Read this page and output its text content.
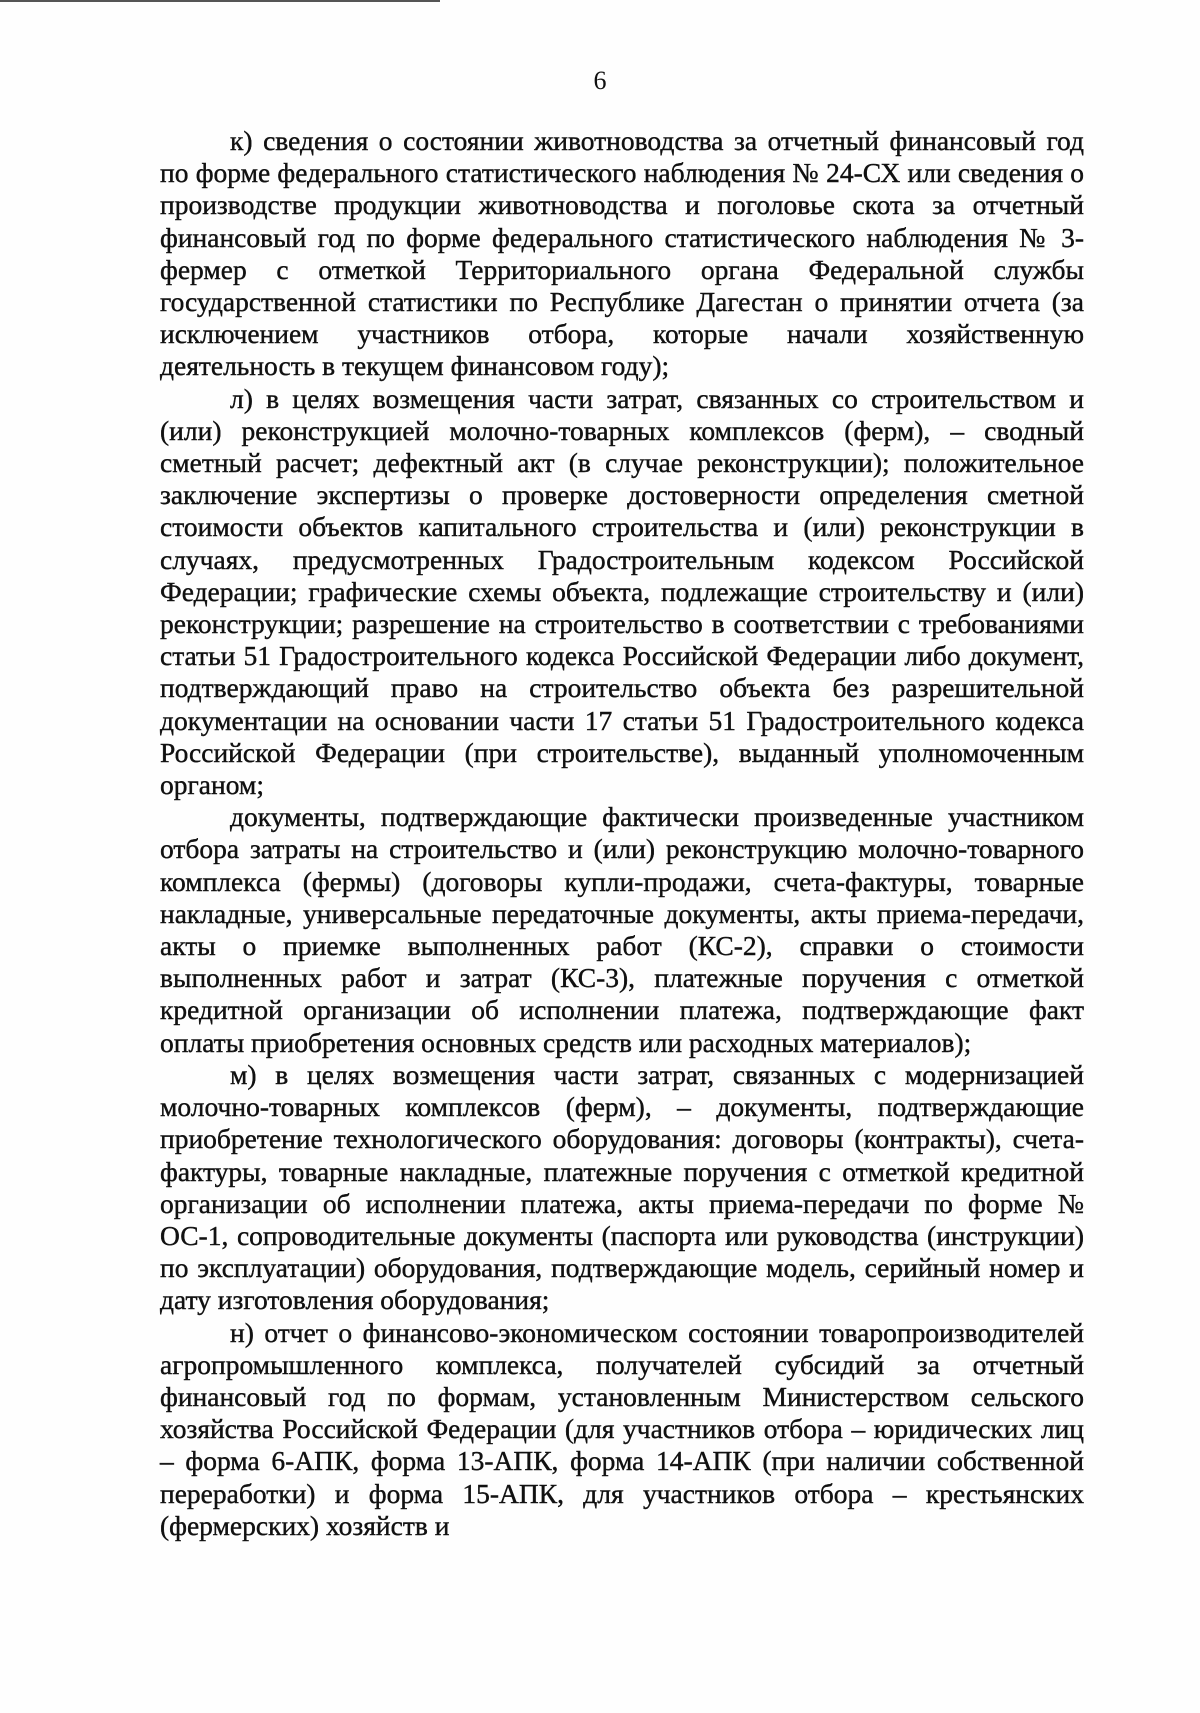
6

к) сведения о состоянии животноводства за отчетный финансовый год по форме федерального статистического наблюдения № 24-СХ или сведения о производстве продукции животноводства и поголовье скота за отчетный финансовый год по форме федерального статистического наблюдения № 3-фермер с отметкой Территориального органа Федеральной службы государственной статистики по Республике Дагестан о принятии отчета (за исключением участников отбора, которые начали хозяйственную деятельность в текущем финансовом году);

л) в целях возмещения части затрат, связанных со строительством и (или) реконструкцией молочно-товарных комплексов (ферм), – сводный сметный расчет; дефектный акт (в случае реконструкции); положительное заключение экспертизы о проверке достоверности определения сметной стоимости объектов капитального строительства и (или) реконструкции в случаях, предусмотренных Градостроительным кодексом Российской Федерации; графические схемы объекта, подлежащие строительству и (или) реконструкции; разрешение на строительство в соответствии с требованиями статьи 51 Градостроительного кодекса Российской Федерации либо документ, подтверждающий право на строительство объекта без разрешительной документации на основании части 17 статьи 51 Градостроительного кодекса Российской Федерации (при строительстве), выданный уполномоченным органом;

документы, подтверждающие фактически произведенные участником отбора затраты на строительство и (или) реконструкцию молочно-товарного комплекса (фермы) (договоры купли-продажи, счета-фактуры, товарные накладные, универсальные передаточные документы, акты приема-передачи, акты о приемке выполненных работ (КС-2), справки о стоимости выполненных работ и затрат (КС-3), платежные поручения с отметкой кредитной организации об исполнении платежа, подтверждающие факт оплаты приобретения основных средств или расходных материалов);

м) в целях возмещения части затрат, связанных с модернизацией молочно-товарных комплексов (ферм), – документы, подтверждающие приобретение технологического оборудования: договоры (контракты), счета-фактуры, товарные накладные, платежные поручения с отметкой кредитной организации об исполнении платежа, акты приема-передачи по форме № ОС-1, сопроводительные документы (паспорта или руководства (инструкции) по эксплуатации) оборудования, подтверждающие модель, серийный номер и дату изготовления оборудования;

н) отчет о финансово-экономическом состоянии товаропроизводителей агропромышленного комплекса, получателей субсидий за отчетный финансовый год по формам, установленным Министерством сельского хозяйства Российской Федерации (для участников отбора – юридических лиц – форма 6-АПК, форма 13-АПК, форма 14-АПК (при наличии собственной переработки) и форма 15-АПК, для участников отбора – крестьянских (фермерских) хозяйств и
